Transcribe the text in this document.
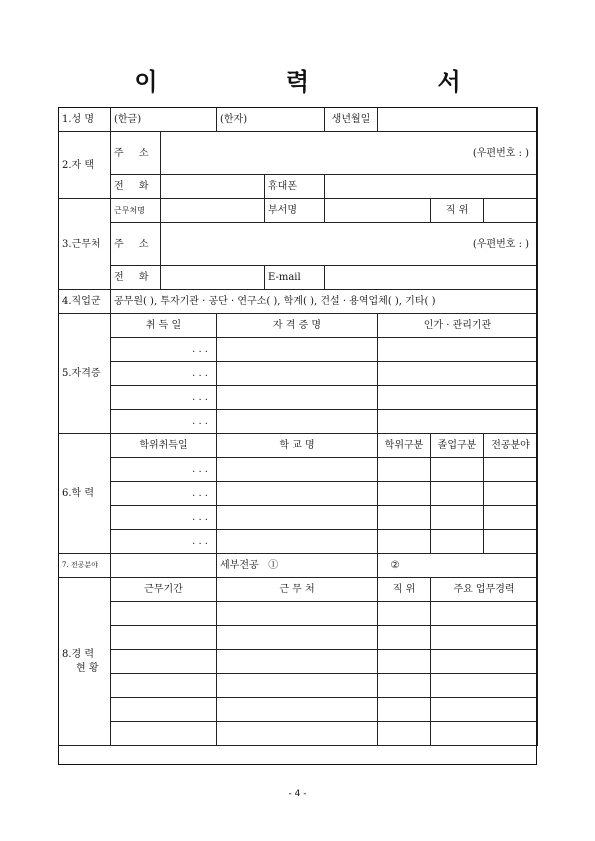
이 력 서
1.성 명	(한글)		(한자)		생년월일			
2.자 택	주 소	(우편번호 : )						
	전 화			휴대폰				
3.근무처	근무처명			부서명			직 위	
	주 소	(우편번호 : )						
	전 화			E-mail				
4.직업군	공무원( ), 투자기관 · 공단 · 연구소( ), 학계( ), 건설 · 용역업체( ), 기타( )							
5.자격증	취 득 일		자 격 증 명			인가 · 관리기관		
	. . .							
	. . .							
	. . .							
	. . .							
6.학 력	학위취득일		학 교 명			학위구분	졸업구분	전공분야
	. . .							
	. . .							
	. . .							
	. . .							
7. 전공분야			세부전공 ①			②		

8.경 력
현 황	근무기간		근 무 처			직 위	주요 업무경력	

- 4 -
